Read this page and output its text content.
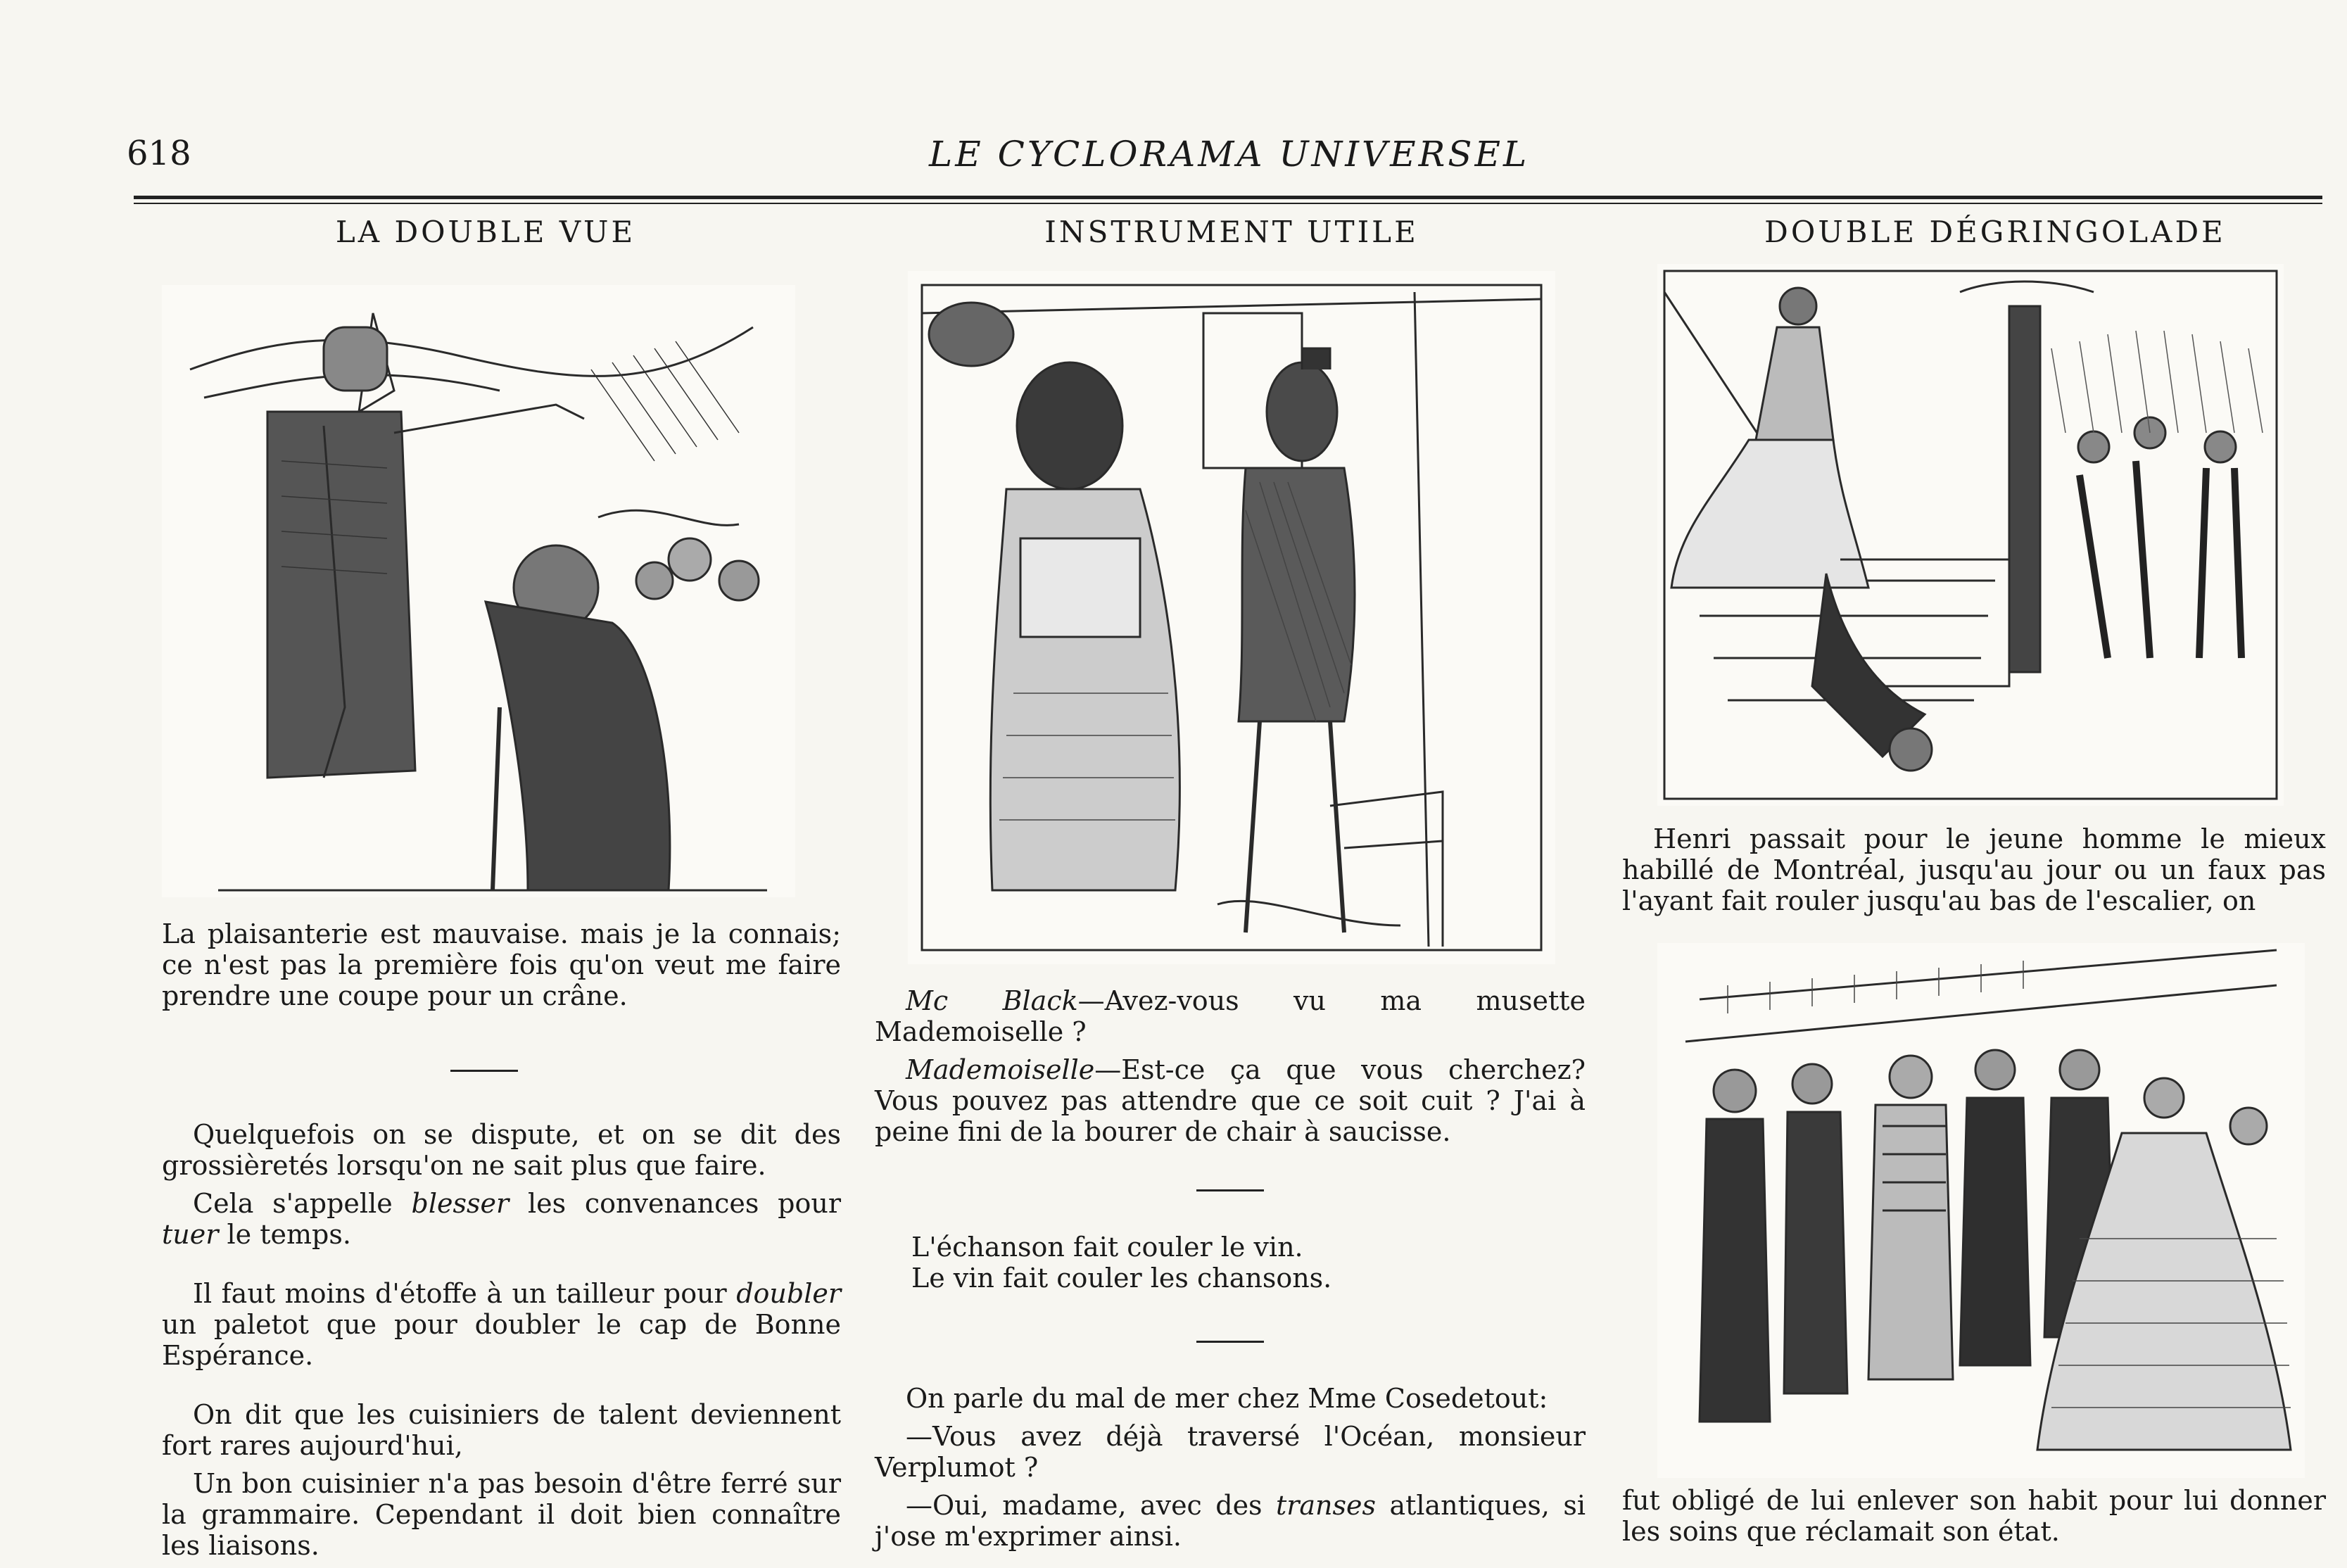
618	LE CYCLORAMA UNIVERSEL
LA DOUBLE VUE

La plaisanterie est mauvaise. mais je la connais; ce n'est pas la première fois qu'on veut me faire prendre une coupe pour un crâne.

Quelquefois on se dispute, et on se dit des grossièretés lorsqu'on ne sait plus que faire.

Cela s'appelle blesser les convenances pour tuer le temps.

Il faut moins d'étoffe à un tailleur pour doubler un paletot que pour doubler le cap de Bonne Espérance.

On dit que les cuisiniers de talent deviennent fort rares aujourd'hui,

Un bon cuisinier n'a pas besoin d'être ferré sur la grammaire. Cependant il doit bien connaître les liaisons.

INSTRUMENT UTILE

Mc Black—Avez-vous vu ma musette Mademoiselle ?

Mademoiselle—Est-ce ça que vous cherchez? Vous pouvez pas attendre que ce soit cuit ? J'ai à peine fini de la bourer de chair à saucisse.

L'échanson fait couler le vin.
Le vin fait couler les chansons.

On parle du mal de mer chez Mme Cosedetout:

—Vous avez déjà traversé l'Océan, monsieur Verplumot ?

—Oui, madame, avec des transes atlantiques, si j'ose m'exprimer ainsi.

DOUBLE DÉGRINGOLADE

Henri passait pour le jeune homme le mieux habillé de Montréal, jusqu'au jour ou un faux pas l'ayant fait rouler jusqu'au bas de l'escalier, on

fut obligé de lui enlever son habit pour lui donner les soins que réclamait son état.
